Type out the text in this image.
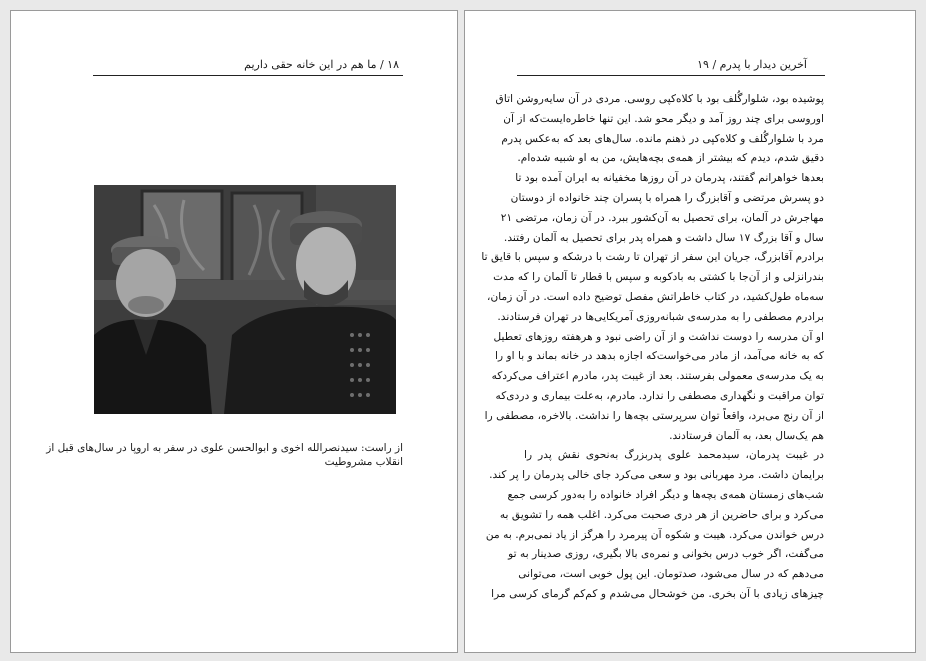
۱۸ / ما هم در این خانه حقی داریم
از راست: سیدنصرالله اخوی و ابوالحسن علوی در سفر به اروپا در سال‌های قبل از
انقلاب مشروطیت
آخرین دیدار با پدرم / ۱۹
پوشیده بود، شلوارگُلف بود با کلاه‌کپی روسی. مردی در آن سایه‌روشن اتاق
اوروسی برای چند روز آمد و دیگر محو شد. این تنها خاطره‌ایست‌که از آن
مرد با شلوارگُلف و کلاه‌کپی در ذهنم مانده. سال‌های بعد که به‌عکس پدرم
دقیق شدم، دیدم که بیشتر از همه‌ی بچه‌هایش، من به او شبیه شده‌ام.
بعدها خواهرانم گفتند، پدرمان در آن روزها مخفیانه به ایران آمده بود تا
دو پسرش مرتضی و آقابزرگ را همراه با پسران چند خانواده از دوستان
مهاجرش در آلمان، برای تحصیل به آن‌کشور ببرد. در آن زمان، مرتضی ۲۱
سال و آقا بزرگ ۱۷ سال داشت و همراه پدر برای تحصیل به آلمان رفتند.
برادرم آقابزرگ، جریان این سفر از تهران تا رشت با درشکه و سپس با قایق تا
بندرانزلی و از آن‌جا با کشتی به بادکوبه و سپس با قطار تا آلمان را که مدت
سه‌ماه طول‌کشید، در کتاب خاطراتش مفصل توضیح داده است. در آن زمان،
برادرم مصطفی را به مدرسه‌ی شبانه‌روزی آمریکایی‌ها در تهران فرستادند.
او آن مدرسه را دوست نداشت و از آن راضی نبود و هرهفته روزهای تعطیل
که به خانه می‌آمد، از مادر می‌خواست‌که اجازه بدهد در خانه بماند و با او را
به یک مدرسه‌ی معمولی بفرستند. بعد از غیبت پدر، مادرم اعتراف می‌کرد‌که
توان مراقبت و نگهداری مصطفی را ندارد. مادرم، به‌علت بیماری و دردی‌که
از آن رنج می‌برد، واقعاً توان سرپرستی بچه‌ها را نداشت. بالاخره، مصطفی را
هم یک‌سال بعد، به آلمان فرستادند.
در غیبت پدرمان، سیدمحمد علوی پدربزرگ به‌نحوی نقش پدر را
برایمان داشت. مرد مهربانی بود و سعی می‌کرد جای خالی پدرمان را پر کند.
شب‌های زمستان همه‌ی بچه‌ها و دیگر افراد خانواده را به‌دور کرسی جمع
می‌کرد و برای حاضرین از هر دری صحبت می‌کرد. اغلب همه را تشویق به
درس خواندن می‌کرد. هیبت و شکوه آن پیرمرد را هرگز از یاد نمی‌برم. به من
می‌گفت، اگر خوب درس بخوانی و نمره‌ی بالا بگیری، روزی صدینار به تو
می‌دهم که در سال می‌شود، صدتومان. این پول خوبی است، می‌توانی
چیزهای زیادی با آن بخری. من خوشحال می‌شدم و کم‌کم گرمای کرسی مرا
